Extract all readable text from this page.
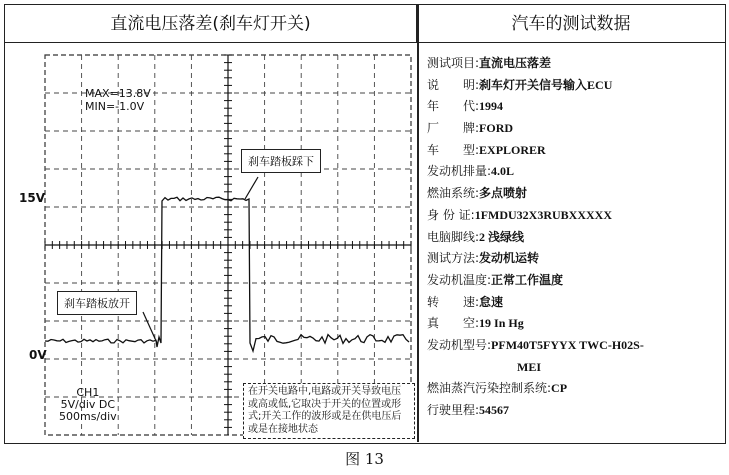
直流电压落差(刹车灯开关)	汽车的测试数据
MAX=13.8V
MIN=-1.0V
15V
0V
刹车踏板踩下
刹车踏板放开
CH1
5V/div DC
500ms/div
在开关电路中,电路或开关导致电压或高或低,它取决于开关的位置或形式;开关工作的波形或是在供电压后或是在接地状态
测试项目:直流电压落差
说　　明:刹车灯开关信号输入ECU
年　　代:1994
厂　　牌:FORD
车　　型:EXPLORER
发动机排量:4.0L
燃油系统:多点喷射
身 份 证:1FMDU32X3RUBXXXXX
电脑脚线:2 浅绿线
测试方法:发动机运转
发动机温度:正常工作温度
转　　速:怠速
真　　空:19 In Hg
发动机型号:PFM40T5FYYX TWC-H02S-
MEI
燃油蒸汽污染控制系统:CP
行驶里程:54567
图 13
